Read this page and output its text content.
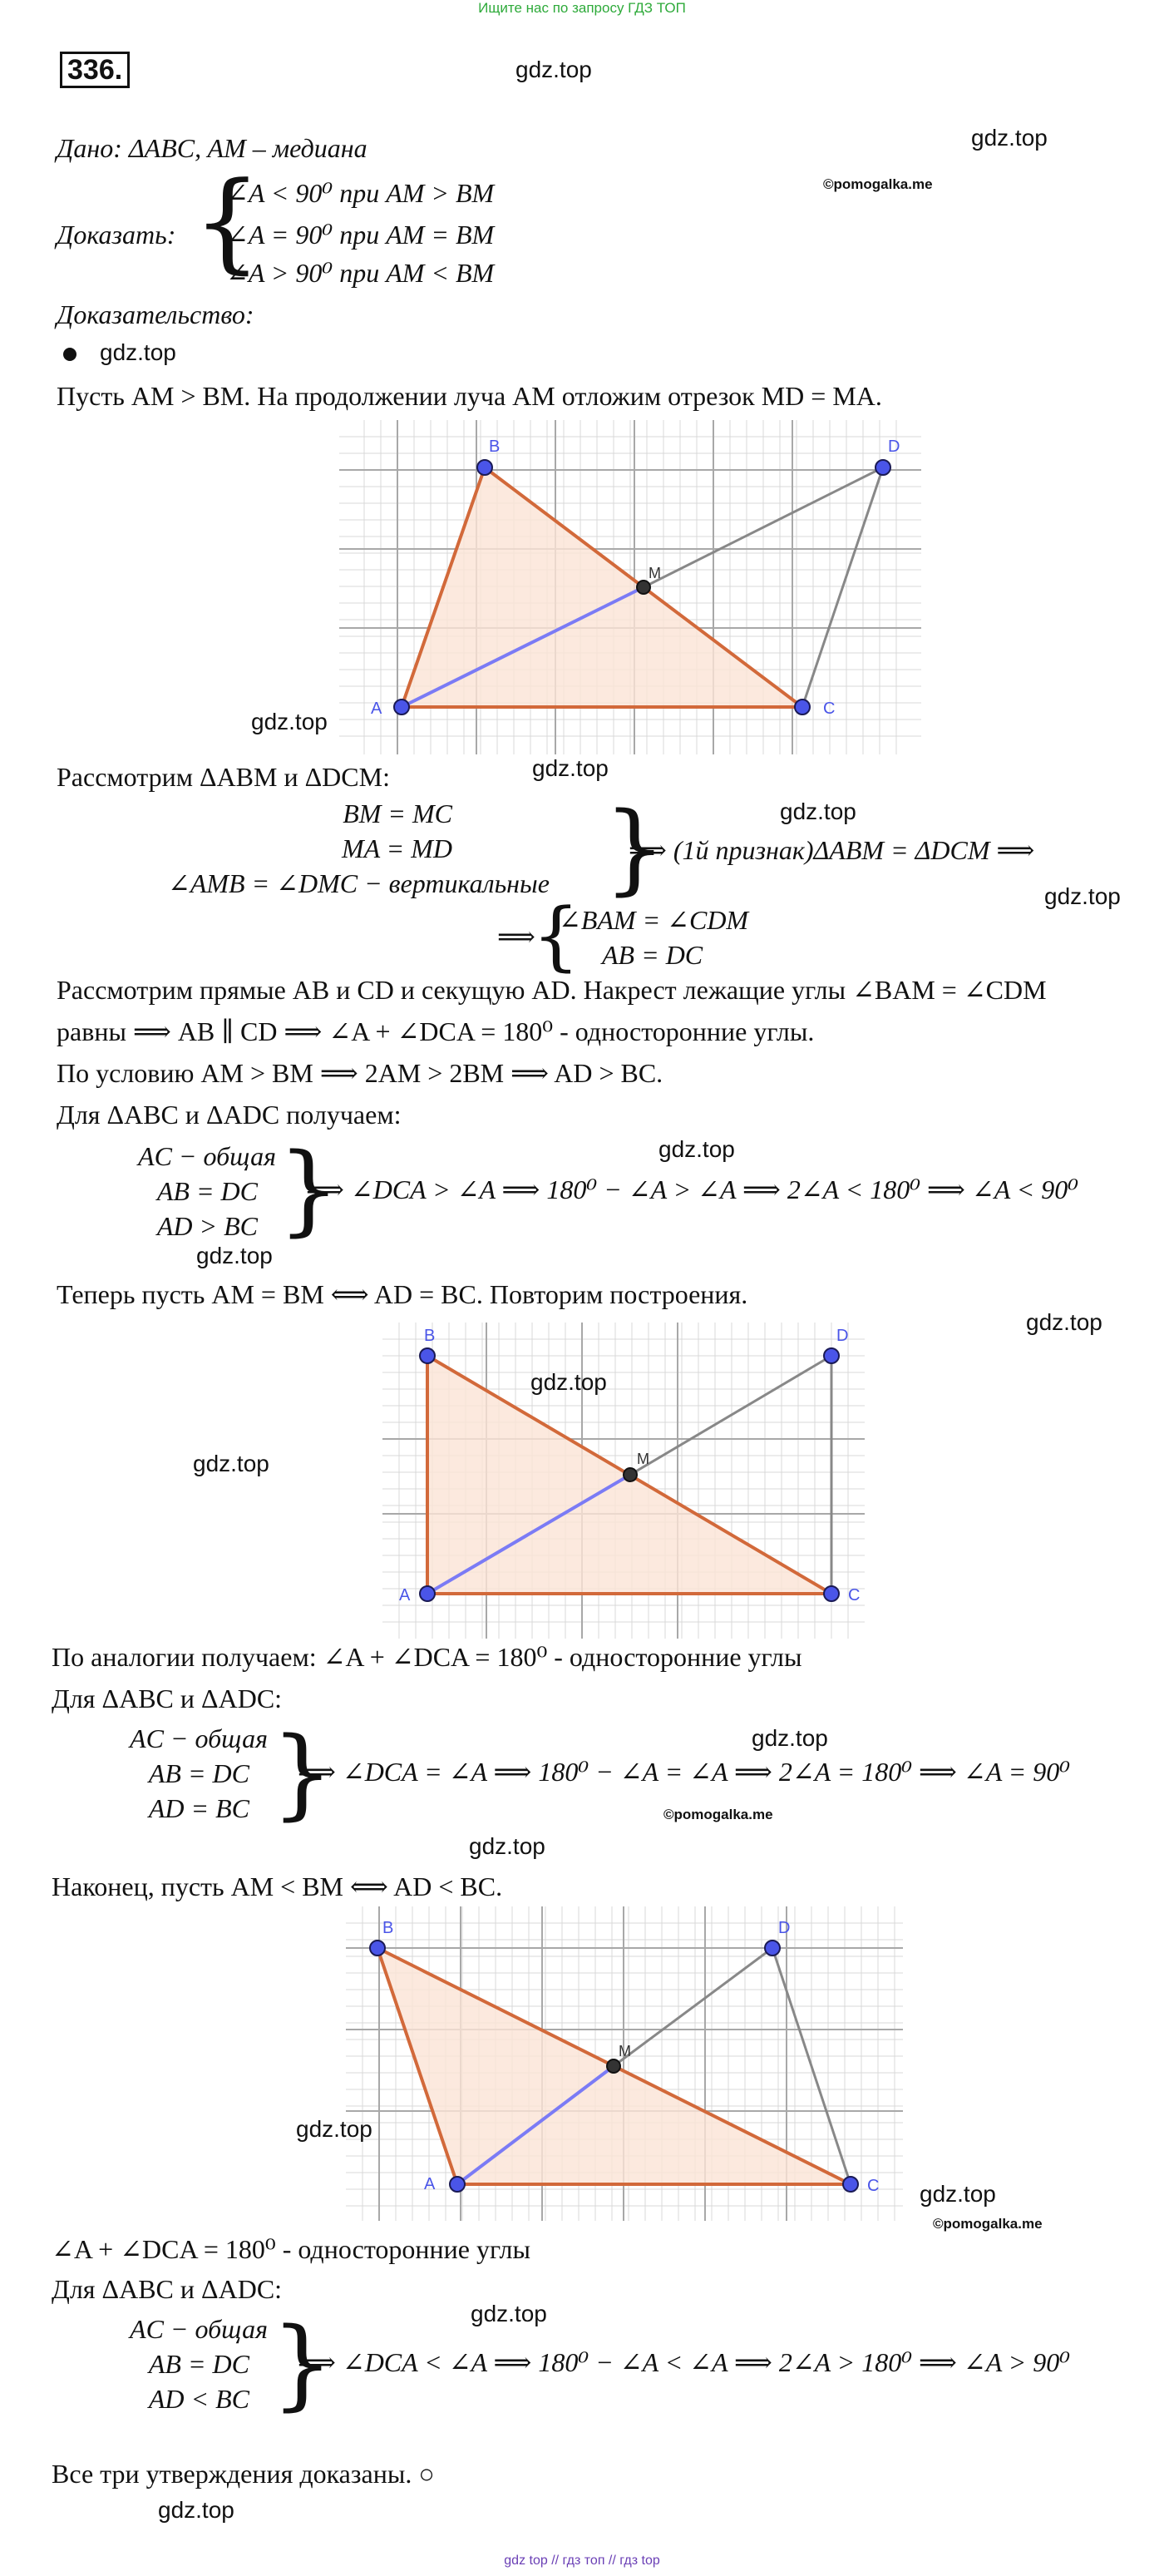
Ищите нас по запросу ГДЗ ТОП
336.	gdz.top
gdz.top
©pomogalka.me
Дано: ΔABC, AM – медиана
Доказать: {
∠A < 90⁰ при AM > BM
∠A = 90⁰ при AM = BM
∠A > 90⁰ при AM < BM
Доказательство:
gdz.top
Пусть AM > BM. На продолжении луча AM отложим отрезок MD = MA.
A
B
C
D
M
gdz.top
gdz.top
Рассмотрим ΔABM и ΔDCM:
gdz.top
BM = MC
MA = MD
∠AMB = ∠DMC − вертикальные }
⟹ (1й признак)ΔABM = ΔDCM ⟹
gdz.top
⟹
{
∠BAM = ∠CDM
AB = DC
Рассмотрим прямые AB и CD и секущую AD. Накрест лежащие углы ∠BAM = ∠CDM
равны ⟹ AB ∥ CD ⟹ ∠A + ∠DCA = 180⁰ - односторонние углы.
По условию AM > BM ⟹ 2AM > 2BM ⟹ AD > BC.
Для ΔABC и ΔADC получаем:
gdz.top
AC − общая
AB = DC
AD > BC }
⟹ ∠DCA > ∠A ⟹ 180⁰ − ∠A > ∠A ⟹ 2∠A < 180⁰ ⟹ ∠A < 90⁰
gdz.top
Теперь пусть AM = BM ⟺ AD = BC. Повторим построения.
gdz.top
A
B
C
D
M
gdz.top
gdz.top
По аналогии получаем: ∠A + ∠DCA = 180⁰ - односторонние углы
Для ΔABC и ΔADC:
gdz.top
AC − общая
AB = DC
AD = BC }
⟹ ∠DCA = ∠A ⟹ 180⁰ − ∠A = ∠A ⟹ 2∠A = 180⁰ ⟹ ∠A = 90⁰
©pomogalka.me
gdz.top
Наконец, пусть AM < BM ⟺ AD < BC.
A
B
C
D
M
gdz.top
gdz.top
©pomogalka.me
∠A + ∠DCA = 180⁰ - односторонние углы
Для ΔABC и ΔADC:
gdz.top
AC − общая
AB = DC
AD < BC }
⟹ ∠DCA < ∠A ⟹ 180⁰ − ∠A < ∠A ⟹ 2∠A > 180⁰ ⟹ ∠A > 90⁰
Все три утверждения доказаны. ○
gdz.top
gdz top // гдз топ // гдз top
